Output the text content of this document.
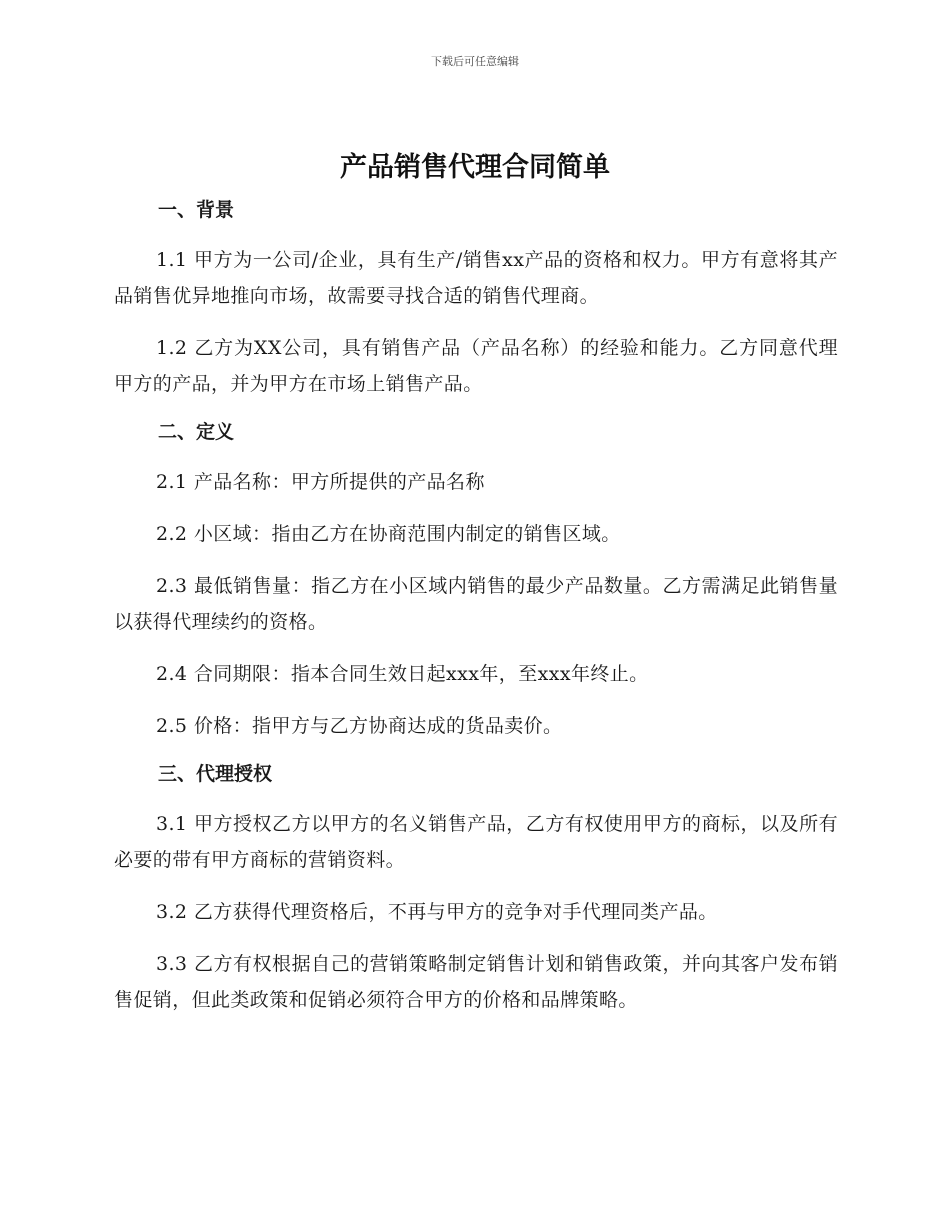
下载后可任意编辑
产品销售代理合同简单
一、背景

1.1 甲方为一公司/企业，具有生产/销售xx产品的资格和权力。甲方有意将其产品销售优异地推向市场，故需要寻找合适的销售代理商。

1.2 乙方为XX公司，具有销售产品（产品名称）的经验和能力。乙方同意代理甲方的产品，并为甲方在市场上销售产品。

二、定义

2.1 产品名称：甲方所提供的产品名称

2.2 小区域：指由乙方在协商范围内制定的销售区域。

2.3 最低销售量：指乙方在小区域内销售的最少产品数量。乙方需满足此销售量以获得代理续约的资格。

2.4 合同期限：指本合同生效日起xxx年，至xxx年终止。

2.5 价格：指甲方与乙方协商达成的货品卖价。

三、代理授权

3.1 甲方授权乙方以甲方的名义销售产品，乙方有权使用甲方的商标，以及所有必要的带有甲方商标的营销资料。

3.2 乙方获得代理资格后，不再与甲方的竞争对手代理同类产品。

3.3 乙方有权根据自己的营销策略制定销售计划和销售政策，并向其客户发布销售促销，但此类政策和促销必须符合甲方的价格和品牌策略。
